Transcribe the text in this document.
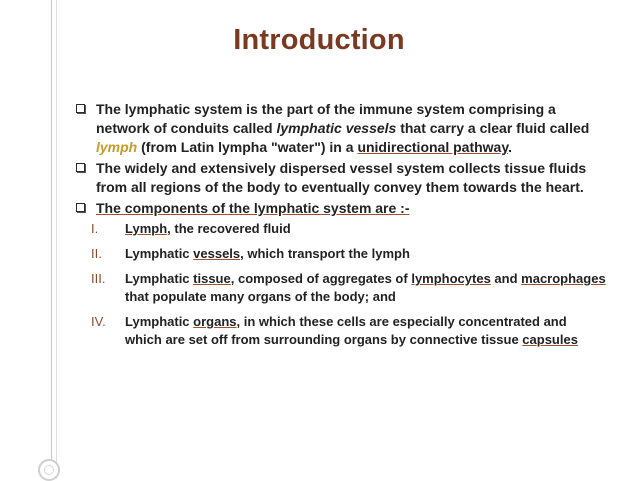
Introduction
The lymphatic system is the part of the immune system comprising a network of conduits called lymphatic vessels that carry a clear fluid called lymph (from Latin lympha "water") in a unidirectional pathway.
The widely and extensively dispersed vessel system collects tissue fluids from all regions of the body to eventually convey them towards the heart.
The components of the lymphatic system are :-
I. Lymph, the recovered fluid
II. Lymphatic vessels, which transport the lymph
III. Lymphatic tissue, composed of aggregates of lymphocytes and macrophages that populate many organs of the body; and
IV. Lymphatic organs, in which these cells are especially concentrated and which are set off from surrounding organs by connective tissue capsules
